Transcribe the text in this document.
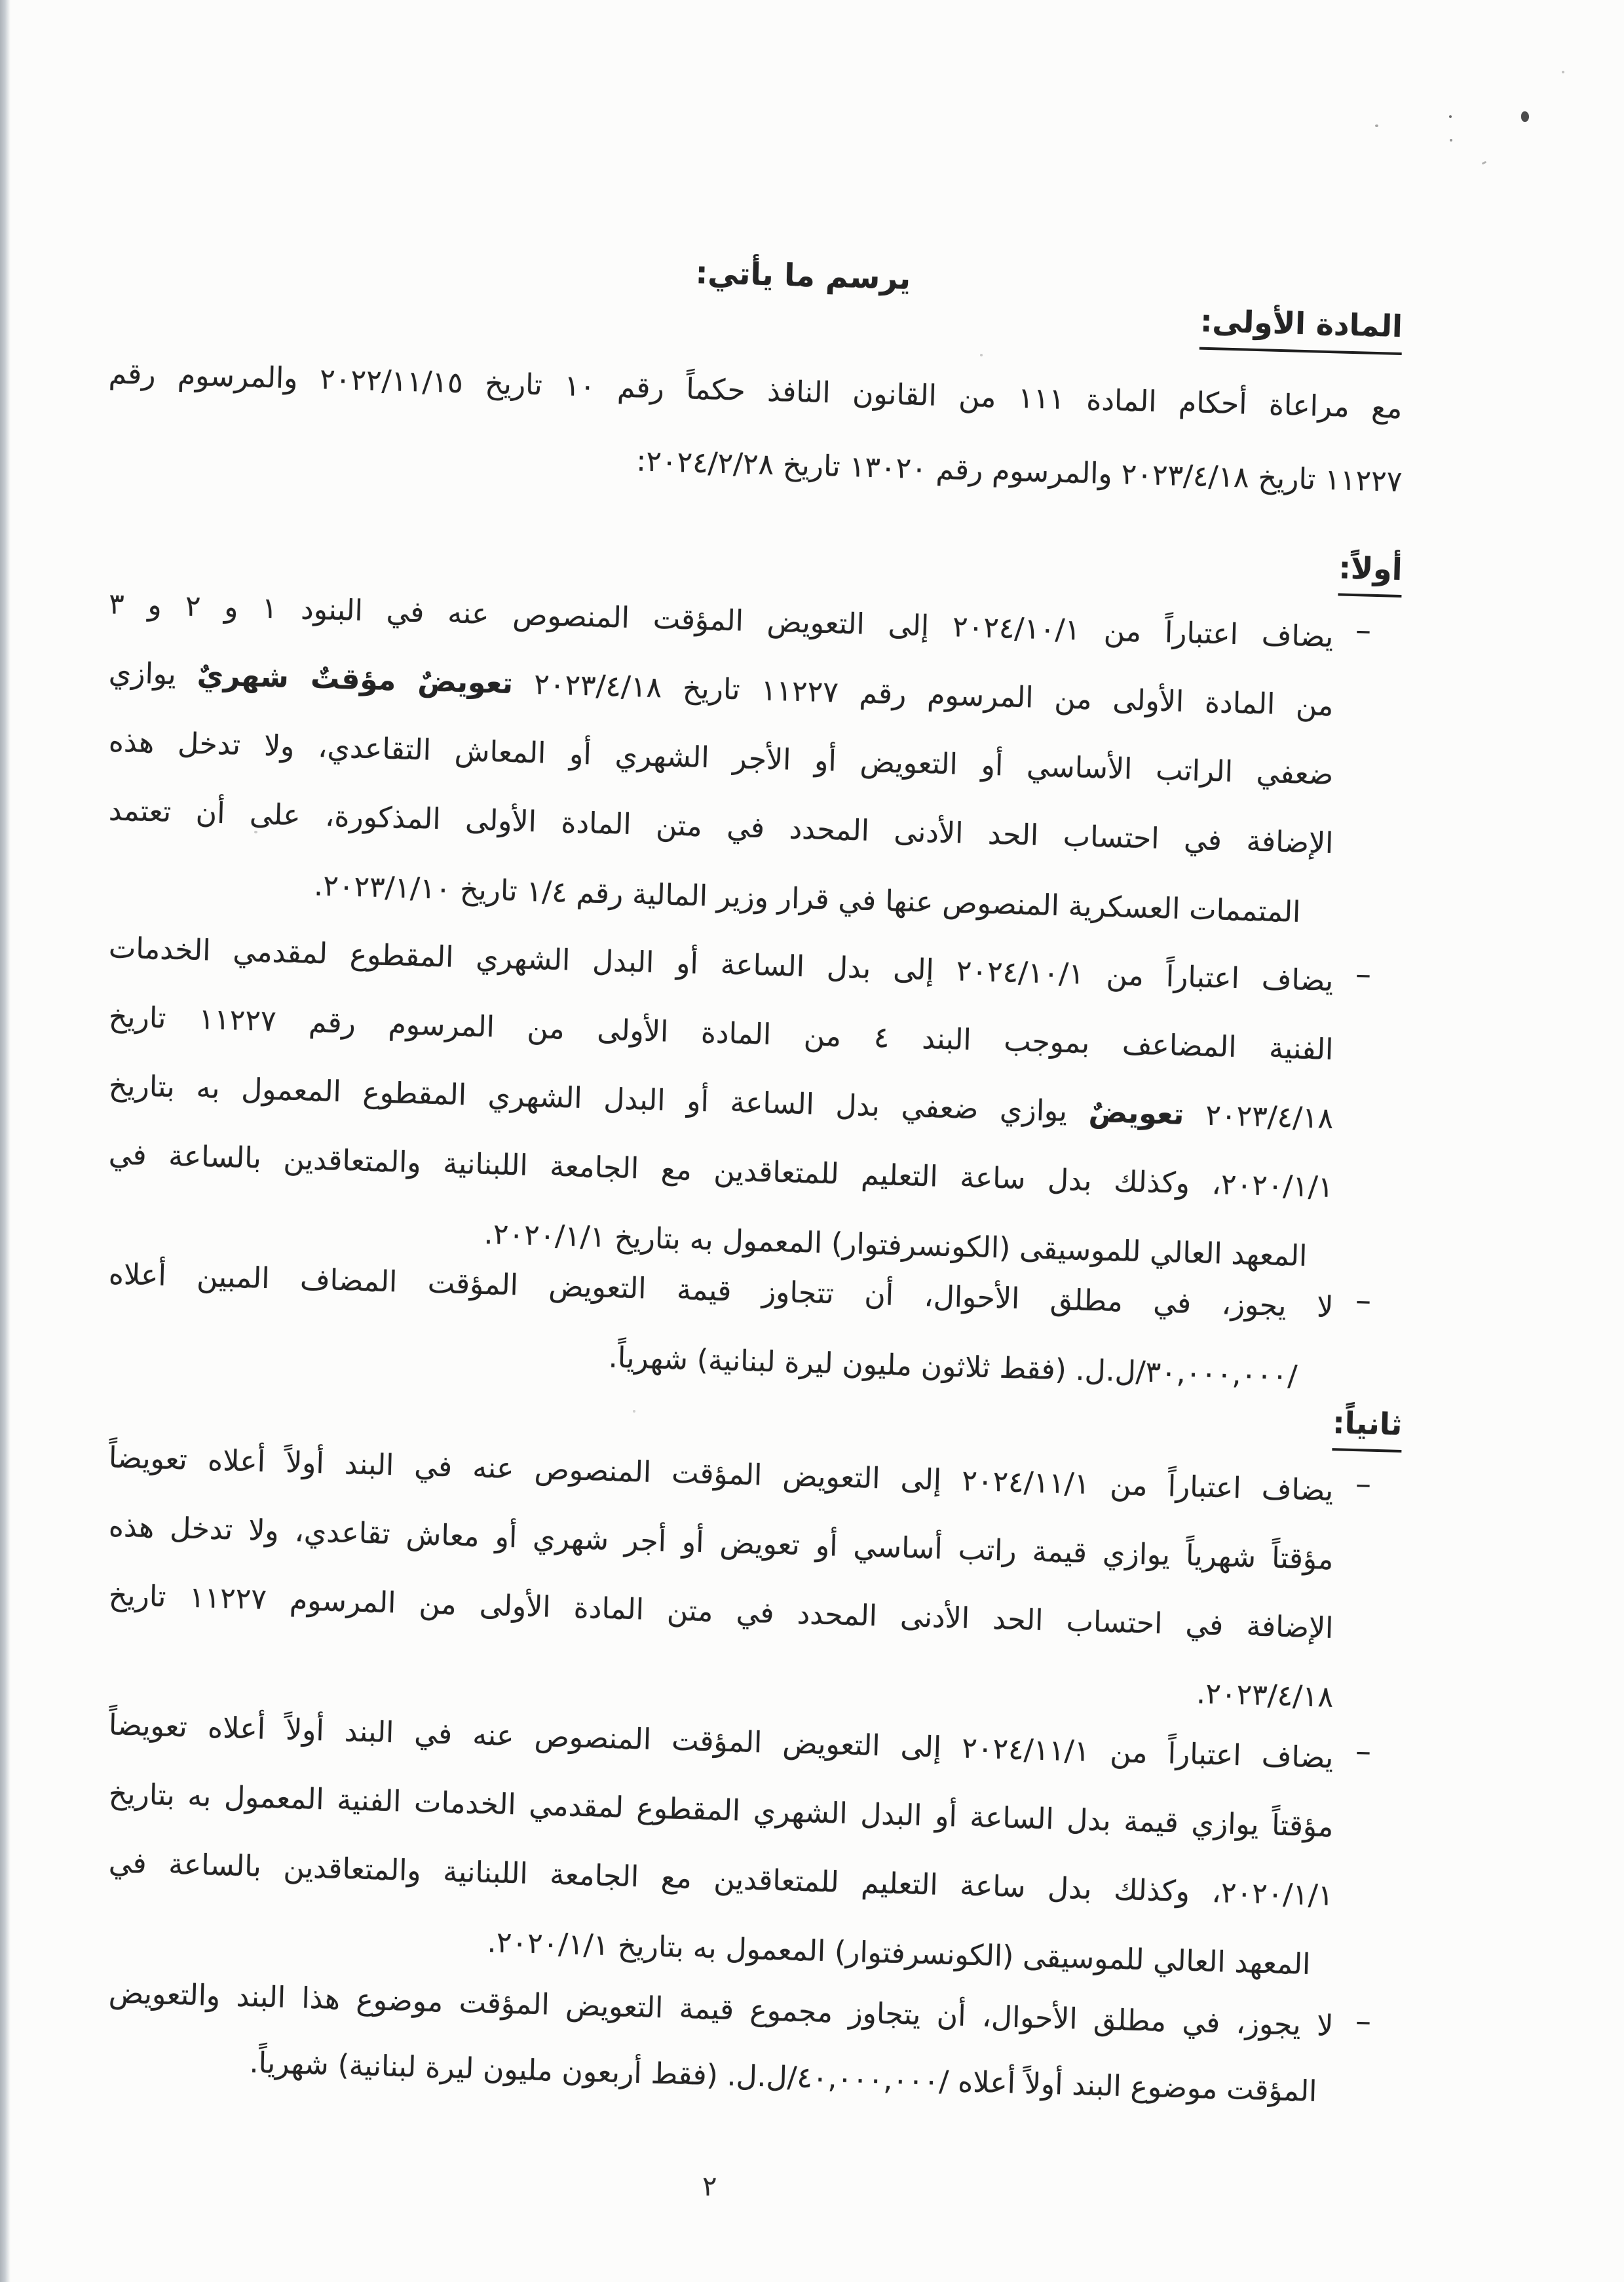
يرسم ما يأتي:
المادة الأولى:
مع مراعاة أحكام المادة ١١١ من القانون النافذ حكماً رقم ١٠ تاريخ ٢٠٢٢/١١/١٥ والمرسوم رقم
١١٢٢٧ تاريخ ٢٠٢٣/٤/١٨ والمرسوم رقم ١٣٠٢٠ تاريخ ٢٠٢٤/٢/٢٨:
أولاً:
–
يضاف اعتباراً من ٢٠٢٤/١٠/١ إلى التعويض المؤقت المنصوص عنه في البنود ١ و ٢ و ٣
من المادة الأولى من المرسوم رقم ١١٢٢٧ تاريخ ٢٠٢٣/٤/١٨ تعويضٌ مؤقتٌ شهريٌ يوازي
ضعفي الراتب الأساسي أو التعويض أو الأجر الشهري أو المعاش التقاعدي، ولا تدخل هذه
الإضافة في احتساب الحد الأدنى المحدد في متن المادة الأولى المذكورة، على أن تعتمد
المتممات العسكرية المنصوص عنها في قرار وزير المالية رقم ١/٤ تاريخ ٢٠٢٣/١/١٠.
–
يضاف اعتباراً من ٢٠٢٤/١٠/١ إلى بدل الساعة أو البدل الشهري المقطوع لمقدمي الخدمات
الفنية المضاعف بموجب البند ٤ من المادة الأولى من المرسوم رقم ١١٢٢٧ تاريخ
٢٠٢٣/٤/١٨ تعويضٌ يوازي ضعفي بدل الساعة أو البدل الشهري المقطوع المعمول به بتاريخ
٢٠٢٠/١/١، وكذلك بدل ساعة التعليم للمتعاقدين مع الجامعة اللبنانية والمتعاقدين بالساعة في
المعهد العالي للموسيقى (الكونسرفتوار) المعمول به بتاريخ ٢٠٢٠/١/١.
–
لا يجوز، في مطلق الأحوال، أن تتجاوز قيمة التعويض المؤقت المضاف المبين أعلاه
/٣٠,٠٠٠,٠٠٠/ل.ل. (فقط ثلاثون مليون ليرة لبنانية) شهرياً.
ثانياً:
–
يضاف اعتباراً من ٢٠٢٤/١١/١ إلى التعويض المؤقت المنصوص عنه في البند أولاً أعلاه تعويضاً
مؤقتاً شهرياً يوازي قيمة راتب أساسي أو تعويض أو أجر شهري أو معاش تقاعدي، ولا تدخل هذه
الإضافة في احتساب الحد الأدنى المحدد في متن المادة الأولى من المرسوم ١١٢٢٧ تاريخ
٢٠٢٣/٤/١٨.
–
يضاف اعتباراً من ٢٠٢٤/١١/١ إلى التعويض المؤقت المنصوص عنه في البند أولاً أعلاه تعويضاً
مؤقتاً يوازي قيمة بدل الساعة أو البدل الشهري المقطوع لمقدمي الخدمات الفنية المعمول به بتاريخ
٢٠٢٠/١/١، وكذلك بدل ساعة التعليم للمتعاقدين مع الجامعة اللبنانية والمتعاقدين بالساعة في
المعهد العالي للموسيقى (الكونسرفتوار) المعمول به بتاريخ ٢٠٢٠/١/١.
–
لا يجوز، في مطلق الأحوال، أن يتجاوز مجموع قيمة التعويض المؤقت موضوع هذا البند والتعويض
المؤقت موضوع البند أولاً أعلاه /٤٠,٠٠٠,٠٠٠/ل.ل. (فقط أربعون مليون ليرة لبنانية) شهرياً.
٢
